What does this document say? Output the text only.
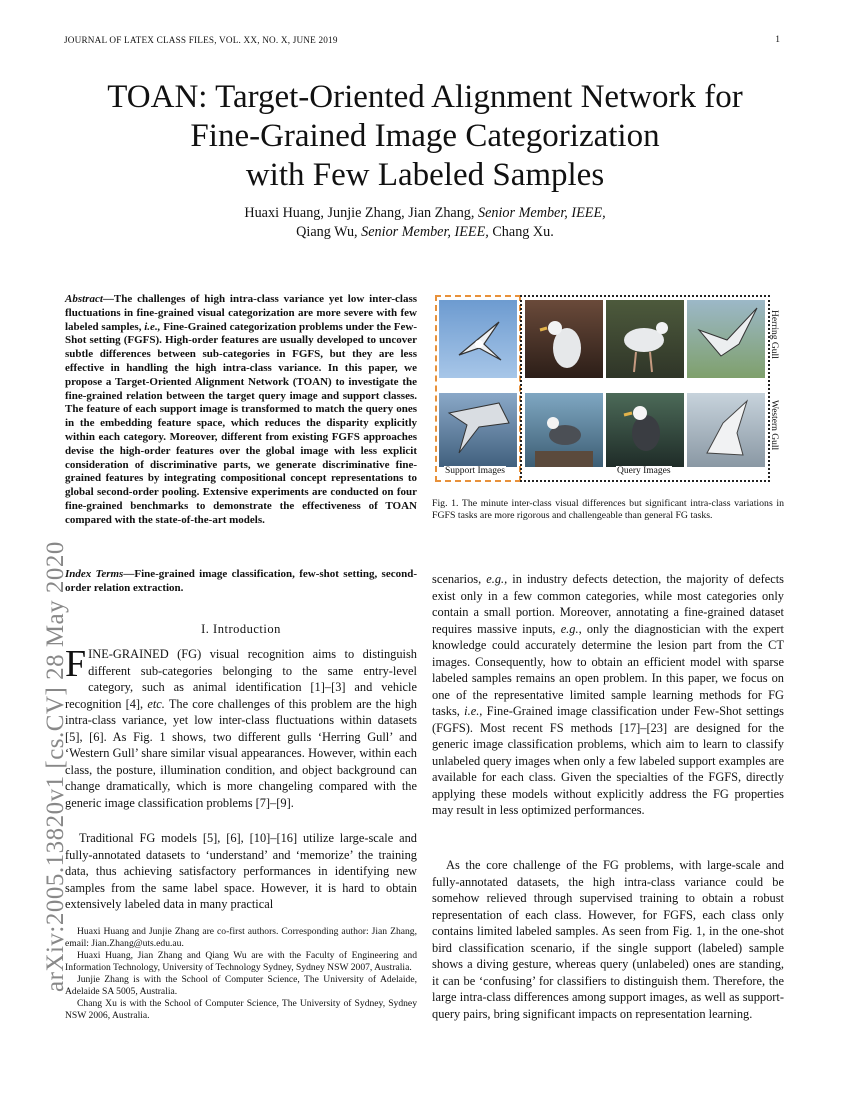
JOURNAL OF LATEX CLASS FILES, VOL. XX, NO. X, JUNE 2019	1
TOAN: Target-Oriented Alignment Network for
Fine-Grained Image Categorization
with Few Labeled Samples
Huaxi Huang, Junjie Zhang, Jian Zhang, Senior Member, IEEE,
Qiang Wu, Senior Member, IEEE, Chang Xu.
arXiv:2005.13820v1 [cs.CV] 28 May 2020
Abstract—The challenges of high intra-class variance yet low inter-class fluctuations in fine-grained visual categorization are more severe with few labeled samples, i.e., Fine-Grained categorization problems under the Few-Shot setting (FGFS). High-order features are usually developed to uncover subtle differences between sub-categories in FGFS, but they are less effective in handling the high intra-class variance. In this paper, we propose a Target-Oriented Alignment Network (TOAN) to investigate the fine-grained relation between the target query image and support classes. The feature of each support image is transformed to match the query ones in the embedding feature space, which reduces the disparity explicitly within each category. Moreover, different from existing FGFS approaches devise the high-order features over the global image with less explicit consideration of discriminative parts, we generate discriminative fine-grained features by integrating compositional concept representations to global second-order pooling. Extensive experiments are conducted on four fine-grained benchmarks to demonstrate the effectiveness of TOAN compared with the state-of-the-art models.
Index Terms—Fine-grained image classification, few-shot setting, second-order relation extraction.
I. Introduction
FINE-GRAINED (FG) visual recognition aims to distinguish different sub-categories belonging to the same entry-level category, such as animal identification [1]–[3] and vehicle recognition [4], etc. The core challenges of this problem are the high intra-class variance, yet low inter-class fluctuations within datasets [5], [6]. As Fig. 1 shows, two different gulls ‘Herring Gull’ and ‘Western Gull’ share similar visual appearances. However, within each class, the posture, illumination condition, and object background can change dramatically, which is more changeling compared with the generic image classification problems [7]–[9].
Traditional FG models [5], [6], [10]–[16] utilize large-scale and fully-annotated datasets to ‘understand’ and ‘memorize’ the training data, thus achieving satisfactory performances in identifying new samples from the same label space. However, it is hard to obtain extensively labeled data in many practical

Huaxi Huang and Junjie Zhang are co-first authors. Corresponding author: Jian Zhang, email: Jian.Zhang@uts.edu.au.

Huaxi Huang, Jian Zhang and Qiang Wu are with the Faculty of Engineering and Information Technology, University of Technology Sydney, Sydney NSW 2007, Australia.

Junjie Zhang is with the School of Computer Science, The University of Adelaide, Adelaide SA 5005, Australia.

Chang Xu is with the School of Computer Science, The University of Sydney, Sydney NSW 2006, Australia.

Support Images	Query Images
Herring Gull
Western Gull
Fig. 1. The minute inter-class visual differences but significant intra-class variations in FGFS tasks are more rigorous and challengeable than general FG tasks.
scenarios, e.g., in industry defects detection, the majority of defects exist only in a few common categories, while most categories only contain a small portion. Moreover, annotating a fine-grained dataset requires massive inputs, e.g., only the diagnostician with the expert knowledge could accurately determine the lesion part from the CT images. Consequently, how to obtain an efficient model with sparse labeled samples remains an open problem. In this paper, we focus on one of the representative limited sample learning methods for FG tasks, i.e., Fine-Grained image classification under Few-Shot settings (FGFS). Most recent FS methods [17]–[23] are designed for the generic image classification problems, which aim to learn to classify unlabeled query images when only a few labeled support examples are available for each class. Given the specialties of the FGFS, directly applying these models without explicitly address the FG properties may result in less optimized performances.
As the core challenge of the FG problems, with large-scale and fully-annotated datasets, the high intra-class variance could be somehow relieved through supervised training to obtain a robust representation of each class. However, for FGFS, each class only contains limited labeled samples. As seen from Fig. 1, in the one-shot bird classification scenario, if the single support (labeled) sample shows a diving gesture, whereas query (unlabeled) ones are standing, it can be ‘confusing’ for classifiers to distinguish them. Therefore, the large intra-class differences among support images, as well as support-query pairs, bring significant impacts on representation learning.
